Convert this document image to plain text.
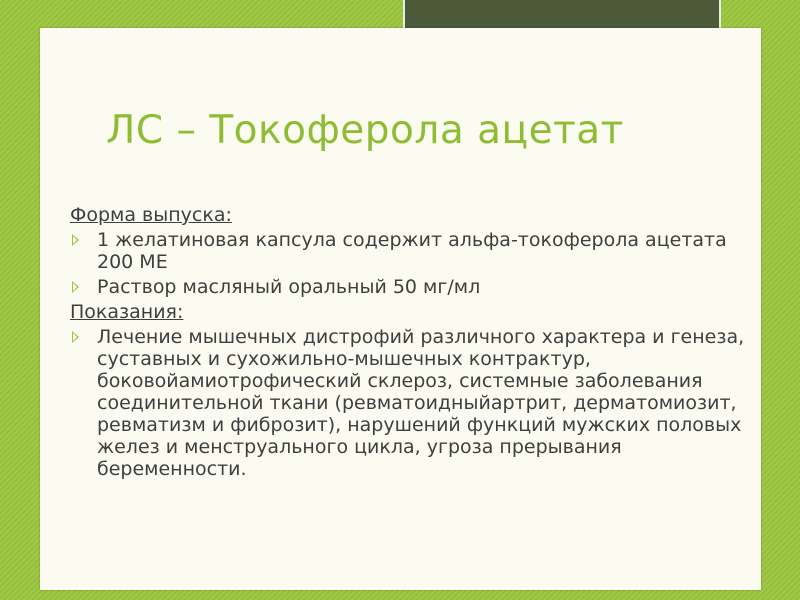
ЛС – Токоферола ацетат
Форма выпуска:
1 желатиновая капсула содержит альфа-токоферола ацетата 200 МЕ
Раствор масляный оральный 50 мг/мл
Показания:
Лечение мышечных дистрофий различного характера и генеза, суставных и сухожильно-мышечных контрактур, боковойамиотрофический склероз, системные заболевания соединительной ткани (ревматоидныйартрит, дерматомиозит, ревматизм и фиброзит), нарушений функций мужских половых желез и менструального цикла, угроза прерывания беременности.
